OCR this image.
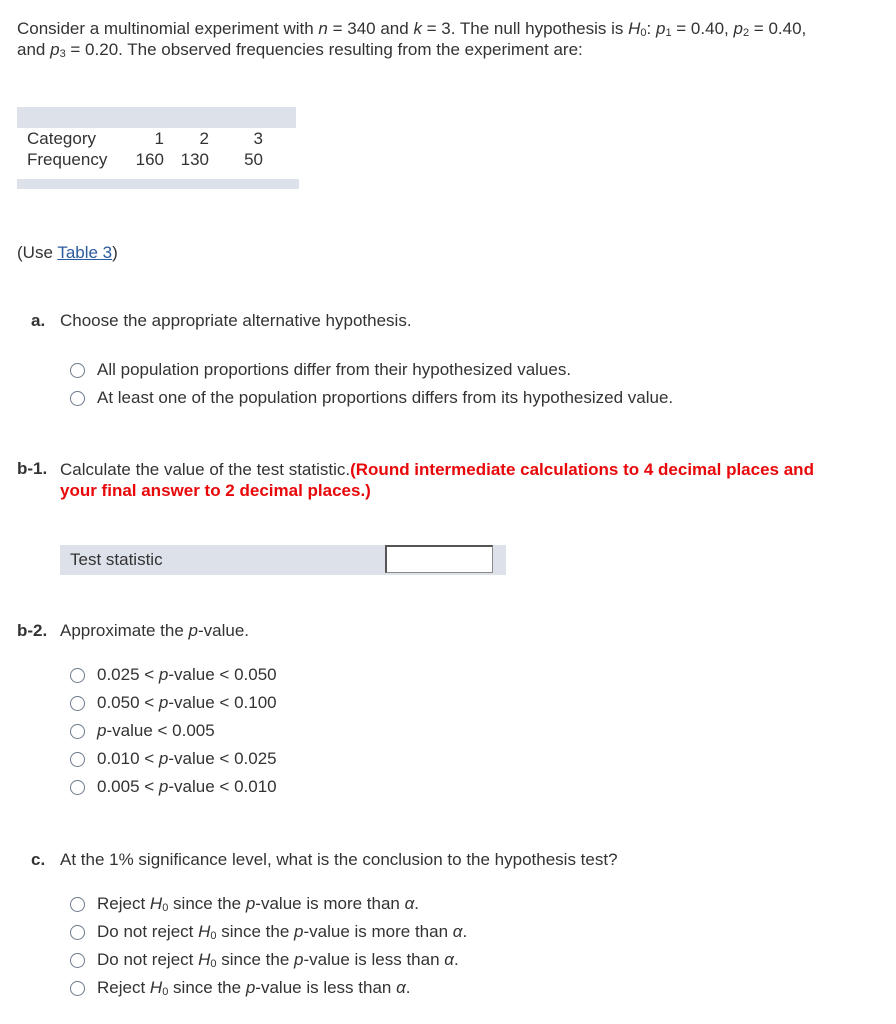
Consider a multinomial experiment with n = 340 and k = 3. The null hypothesis is $H_0$: $p_1 = 0.40$, $p_2 = 0.40$,
and $p_3 = 0.20$. The observed frequencies resulting from the experiment are:
Category	1	2	3
Frequency	160	130	50
(Use Table 3)
a. Choose the appropriate alternative hypothesis.
All population proportions differ from their hypothesized values.
At least one of the population proportions differs from its hypothesized value.
b-1. Calculate the value of the test statistic.(Round intermediate calculations to 4 decimal places and
your final answer to 2 decimal places.)
Test statistic
b-2. Approximate the p-value.
0.025 < p-value < 0.050
0.050 < p-value < 0.100
p-value < 0.005
0.010 < p-value < 0.025
0.005 < p-value < 0.010
c. At the 1% significance level, what is the conclusion to the hypothesis test?
Reject $H_0$ since the p-value is more than α.
Do not reject $H_0$ since the p-value is more than α.
Do not reject $H_0$ since the p-value is less than α.
Reject $H_0$ since the p-value is less than α.
